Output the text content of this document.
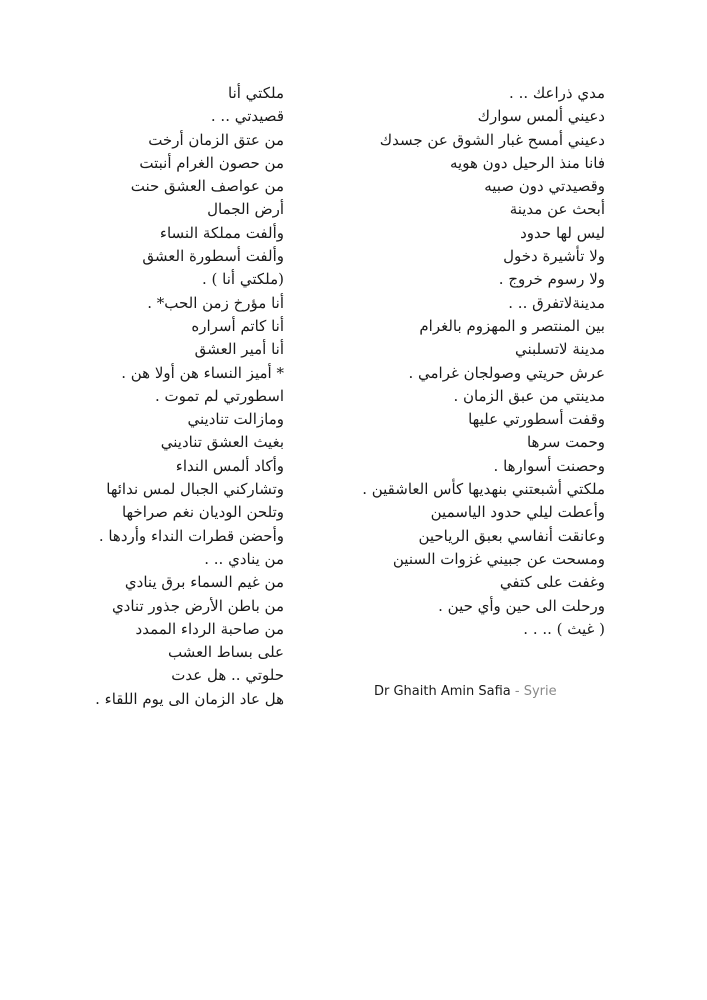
ملكتي أنا
قصيدتي .. .
من عتق الزمان أرخت
من حصون الغرام أنبتت
من عواصف العشق حنت
أرض الجمال
وألفت مملكة النساء
وألفت أسطورة العشق
(ملكتي أنا ) .
أنا مؤرخ زمن الحب* .
أنا كاتم أسراره
أنا أمير العشق
* أميز النساء هن أولا هن .
اسطورتي لم تموت .
ومازالت تناديني
بغيث العشق تناديني
وأكاد ألمس النداء
وتشاركني الجبال لمس ندائها
وتلحن الوديان نغم صراخها
وأحضن قطرات النداء وأردها .
من ينادي .. .
من غيم السماء برق ينادي
من باطن الأرض جذور تنادي
من صاحبة الرداء الممدد
على بساط العشب
حلوتي .. هل عدت
هل عاد الزمان الى يوم اللقاء .
مدي ذراعك .. .
دعيني ألمس سوارك
دعيني أمسح غبار الشوق عن جسدك
فانا منذ الرحيل دون هويه
وقصيدتي دون صبيه
أبحث عن مدينة
ليس لها حدود
ولا تأشيرة دخول
ولا رسوم خروج .
مدينةلاتفرق .. .
بين المنتصر و المهزوم بالغرام
مدينة لاتسلبني
عرش حريتي وصولجان غرامي .
مدينتي من عبق الزمان .
وقفت أسطورتي عليها
وحمت سرها
وحصنت أسوارها .
ملكتي أشبعتني بنهديها كأس العاشقين .
وأعطت ليلي حدود الياسمين
وعانقت أنفاسي بعبق الرياحين
ومسحت عن جبيني غزوات السنين
وغفت على كتفي
ورحلت الى حين وأي حين .
( غيث ) .. . .
Dr Ghaith Amin Safia - Syrie
